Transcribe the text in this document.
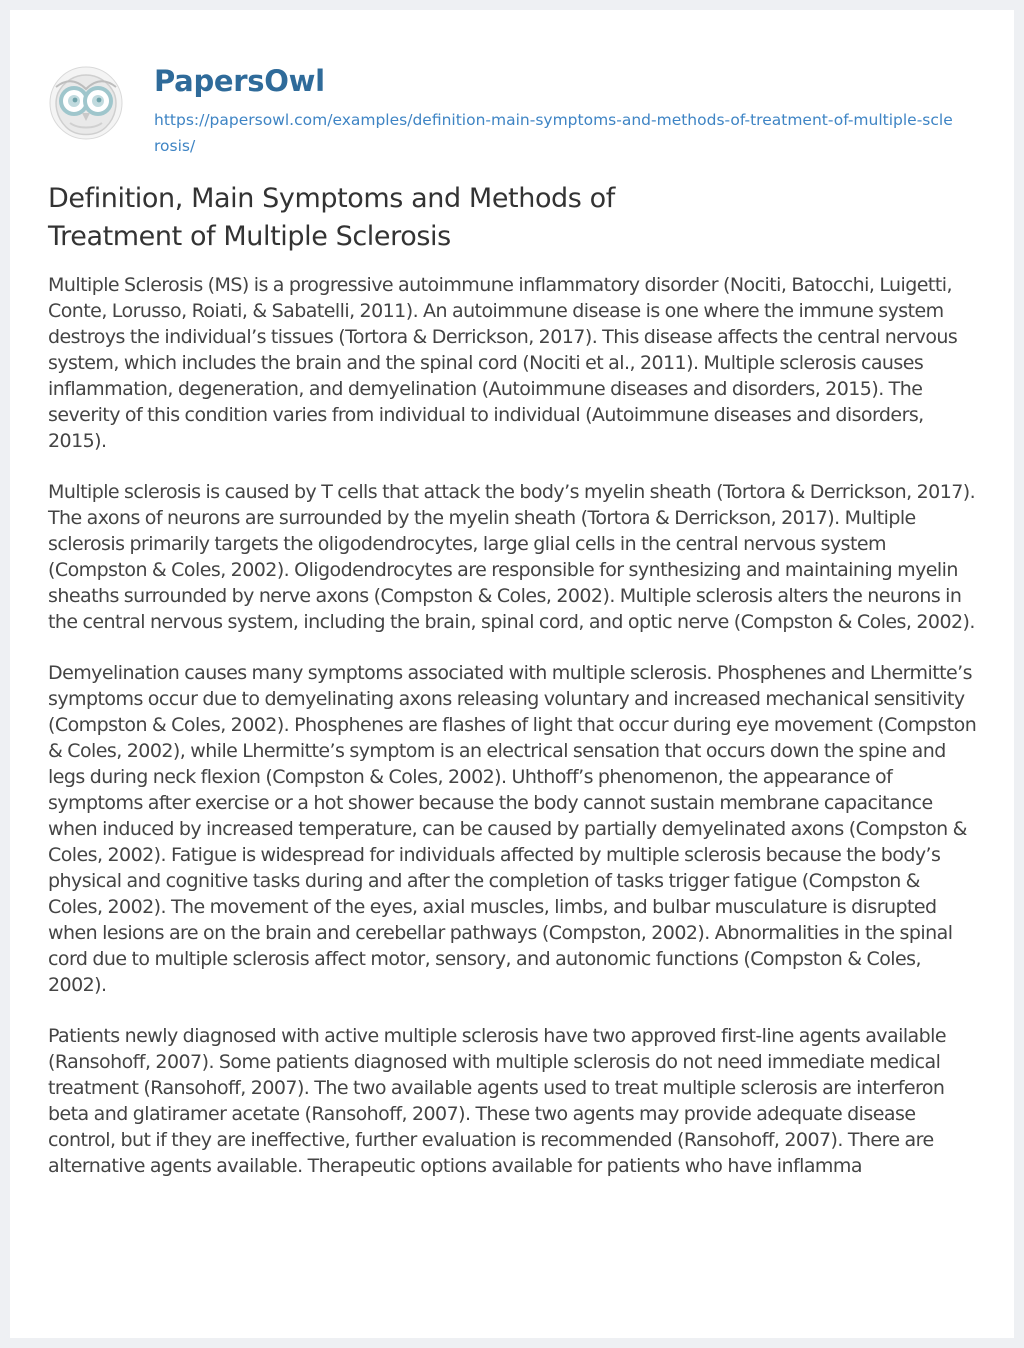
PapersOwl
https://papersowl.com/examples/definition-main-symptoms-and-methods-of-treatment-of-multiple-sclerosis/
Definition, Main Symptoms and Methods of Treatment of Multiple Sclerosis

Multiple Sclerosis (MS) is a progressive autoimmune inflammatory disorder (Nociti, Batocchi, Luigetti, Conte, Lorusso, Roiati, & Sabatelli, 2011). An autoimmune disease is one where the immune system destroys the individual’s tissues (Tortora & Derrickson, 2017). This disease affects the central nervous system, which includes the brain and the spinal cord (Nociti et al., 2011). Multiple sclerosis causes inflammation, degeneration, and demyelination (Autoimmune diseases and disorders, 2015). The severity of this condition varies from individual to individual (Autoimmune diseases and disorders, 2015).

Multiple sclerosis is caused by T cells that attack the body’s myelin sheath (Tortora & Derrickson, 2017). The axons of neurons are surrounded by the myelin sheath (Tortora & Derrickson, 2017). Multiple sclerosis primarily targets the oligodendrocytes, large glial cells in the central nervous system (Compston & Coles, 2002). Oligodendrocytes are responsible for synthesizing and maintaining myelin sheaths surrounded by nerve axons (Compston & Coles, 2002). Multiple sclerosis alters the neurons in the central nervous system, including the brain, spinal cord, and optic nerve (Compston & Coles, 2002).

Demyelination causes many symptoms associated with multiple sclerosis. Phosphenes and Lhermitte’s symptoms occur due to demyelinating axons releasing voluntary and increased mechanical sensitivity (Compston & Coles, 2002). Phosphenes are flashes of light that occur during eye movement (Compston & Coles, 2002), while Lhermitte’s symptom is an electrical sensation that occurs down the spine and legs during neck flexion (Compston & Coles, 2002). Uhthoff’s phenomenon, the appearance of symptoms after exercise or a hot shower because the body cannot sustain membrane capacitance when induced by increased temperature, can be caused by partially demyelinated axons (Compston & Coles, 2002). Fatigue is widespread for individuals affected by multiple sclerosis because the body’s physical and cognitive tasks during and after the completion of tasks trigger fatigue (Compston & Coles, 2002). The movement of the eyes, axial muscles, limbs, and bulbar musculature is disrupted when lesions are on the brain and cerebellar pathways (Compston, 2002). Abnormalities in the spinal cord due to multiple sclerosis affect motor, sensory, and autonomic functions (Compston & Coles, 2002).

Patients newly diagnosed with active multiple sclerosis have two approved first-line agents available (Ransohoff, 2007). Some patients diagnosed with multiple sclerosis do not need immediate medical treatment (Ransohoff, 2007). The two available agents used to treat multiple sclerosis are interferon beta and glatiramer acetate (Ransohoff, 2007). These two agents may provide adequate disease control, but if they are ineffective, further evaluation is recommended (Ransohoff, 2007). There are alternative agents available. Therapeutic options available for patients who have inflamma
